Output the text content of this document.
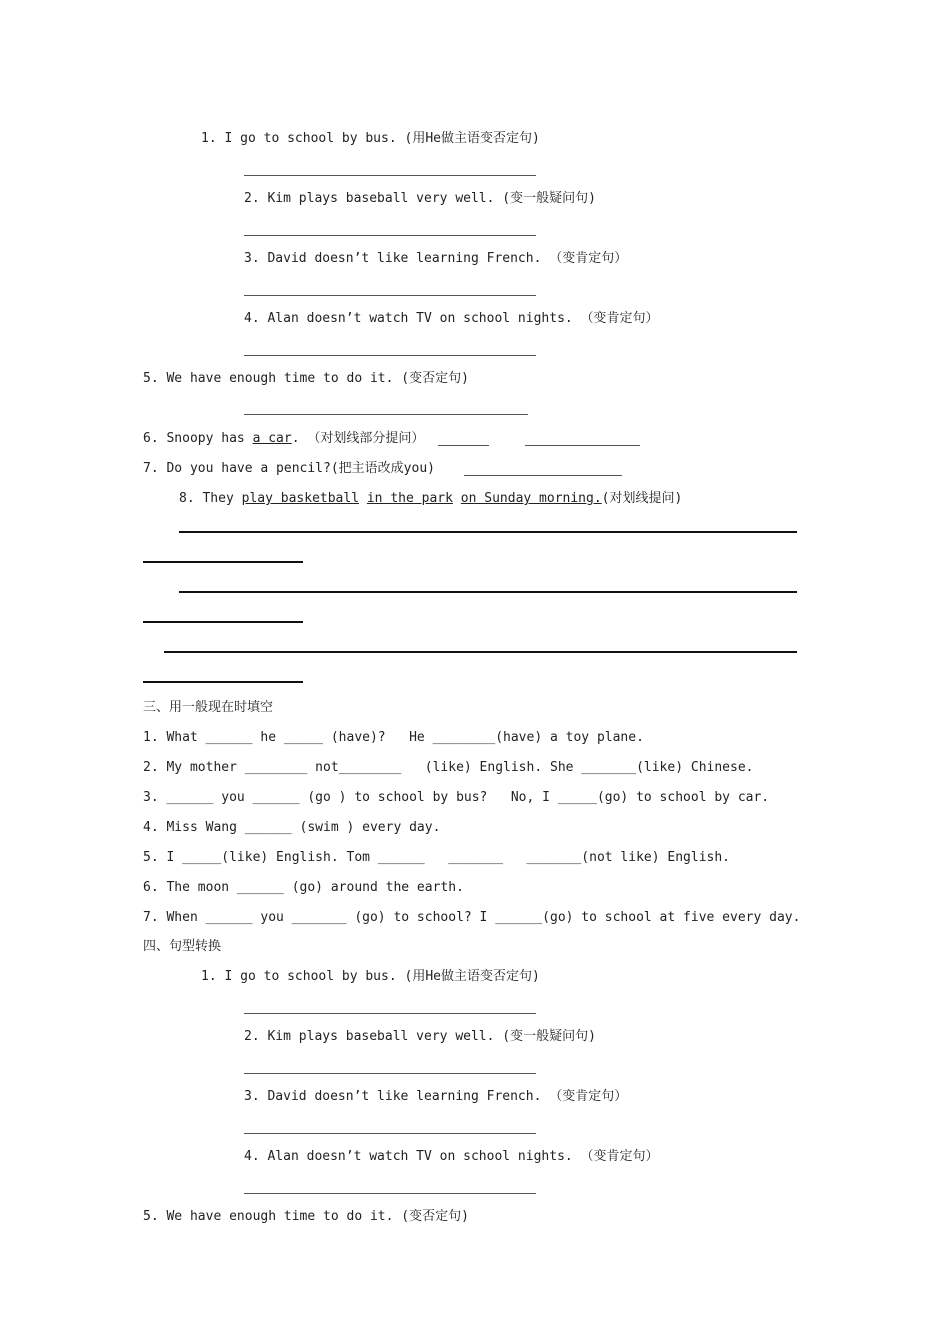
1. I go to school by bus. (用He做主语变否定句)
2. Kim plays baseball very well. (变一般疑问句)
3. David doesn’t like learning French. （变肯定句）
4. Alan doesn’t watch TV on school nights. （变肯定句）
5. We have enough time to do it. (变否定句)
6. Snoopy has a car. （对划线部分提问）
7. Do you have a pencil?(把主语改成you)
8. They play basketball in the park on Sunday morning.(对划线提问)
三、用一般现在时填空
1. What ______ he _____ (have)?   He ________(have) a toy plane.
2. My mother ________ not________   (like) English. She _______(like) Chinese.
3. ______ you ______ (go ) to school by bus?   No, I _____(go) to school by car.
4. Miss Wang ______ (swim ) every day.
5. I _____(like) English. Tom ______   _______   _______(not like) English.
6. The moon ______ (go) around the earth.
7. When ______ you _______ (go) to school? I ______(go) to school at five every day.
四、句型转换
1. I go to school by bus. (用He做主语变否定句)
2. Kim plays baseball very well. (变一般疑问句)
3. David doesn’t like learning French. （变肯定句）
4. Alan doesn’t watch TV on school nights. （变肯定句）
5. We have enough time to do it. (变否定句)
